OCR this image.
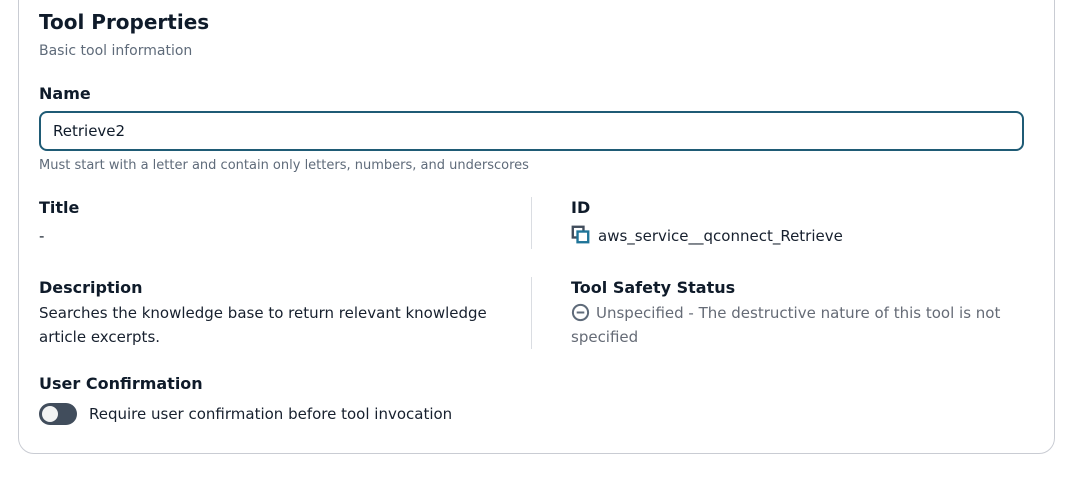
Tool Properties
Basic tool information
Name
Retrieve2
Must start with a letter and contain only letters, numbers, and underscores
Title
-
ID
aws_service__qconnect_Retrieve
Description
Searches the knowledge base to return relevant knowledge article excerpts.
Tool Safety Status
Unspecified - The destructive nature of this tool is not specified
User Confirmation
Require user confirmation before tool invocation
